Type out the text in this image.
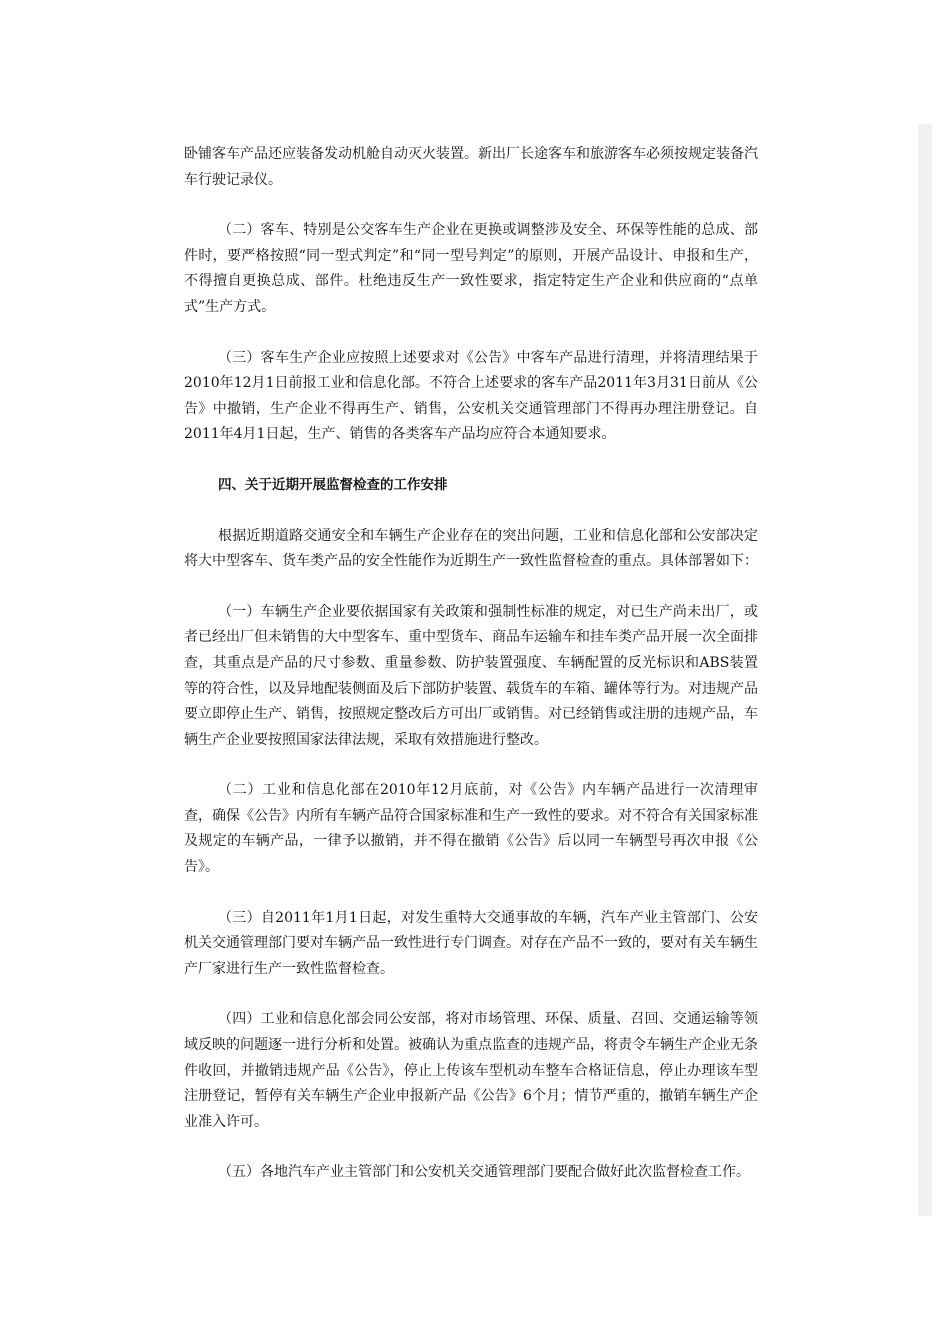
卧铺客车产品还应装备发动机舱自动灭火装置。新出厂长途客车和旅游客车必须按规定装备汽车行驶记录仪。

（二）客车、特别是公交客车生产企业在更换或调整涉及安全、环保等性能的总成、部件时，要严格按照“同一型式判定”和“同一型号判定”的原则，开展产品设计、申报和生产，不得擅自更换总成、部件。杜绝违反生产一致性要求，指定特定生产企业和供应商的“点单式”生产方式。

（三）客车生产企业应按照上述要求对《公告》中客车产品进行清理，并将清理结果于2010年12月1日前报工业和信息化部。不符合上述要求的客车产品2011年3月31日前从《公告》中撤销，生产企业不得再生产、销售，公安机关交通管理部门不得再办理注册登记。自2011年4月1日起，生产、销售的各类客车产品均应符合本通知要求。

四、关于近期开展监督检查的工作安排

根据近期道路交通安全和车辆生产企业存在的突出问题，工业和信息化部和公安部决定将大中型客车、货车类产品的安全性能作为近期生产一致性监督检查的重点。具体部署如下：

（一）车辆生产企业要依据国家有关政策和强制性标准的规定，对已生产尚未出厂，或者已经出厂但未销售的大中型客车、重中型货车、商品车运输车和挂车类产品开展一次全面排查，其重点是产品的尺寸参数、重量参数、防护装置强度、车辆配置的反光标识和ABS装置等的符合性，以及异地配装侧面及后下部防护装置、载货车的车箱、罐体等行为。对违规产品要立即停止生产、销售，按照规定整改后方可出厂或销售。对已经销售或注册的违规产品，车辆生产企业要按照国家法律法规，采取有效措施进行整改。

（二）工业和信息化部在2010年12月底前，对《公告》内车辆产品进行一次清理审查，确保《公告》内所有车辆产品符合国家标准和生产一致性的要求。对不符合有关国家标准及规定的车辆产品，一律予以撤销，并不得在撤销《公告》后以同一车辆型号再次申报《公告》。

（三）自2011年1月1日起，对发生重特大交通事故的车辆，汽车产业主管部门、公安机关交通管理部门要对车辆产品一致性进行专门调查。对存在产品不一致的，要对有关车辆生产厂家进行生产一致性监督检查。

（四）工业和信息化部会同公安部，将对市场管理、环保、质量、召回、交通运输等领域反映的问题逐一进行分析和处置。被确认为重点监查的违规产品，将责令车辆生产企业无条件收回，并撤销违规产品《公告》，停止上传该车型机动车整车合格证信息，停止办理该车型注册登记，暂停有关车辆生产企业申报新产品《公告》6个月；情节严重的，撤销车辆生产企业准入许可。

（五）各地汽车产业主管部门和公安机关交通管理部门要配合做好此次监督检查工作。
